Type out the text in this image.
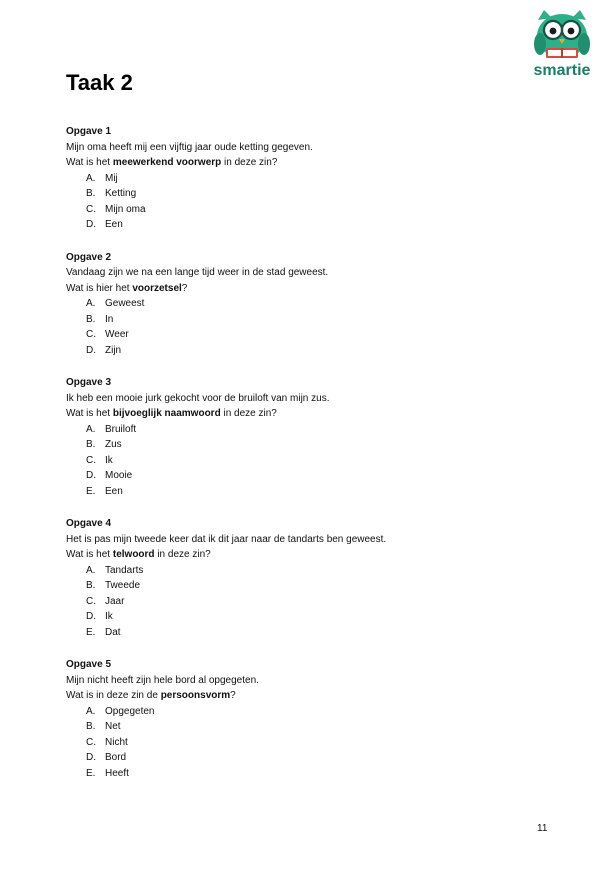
smartie
Taak 2
Opgave 1
Mijn oma heeft mij een vijftig jaar oude ketting gegeven.
Wat is het meewerkend voorwerp in deze zin?
A. Mij
B. Ketting
C. Mijn oma
D. Een
Opgave 2
Vandaag zijn we na een lange tijd weer in de stad geweest.
Wat is hier het voorzetsel?
A. Geweest
B. In
C. Weer
D. Zijn
Opgave 3
Ik heb een mooie jurk gekocht voor de bruiloft van mijn zus.
Wat is het bijvoeglijk naamwoord in deze zin?
A. Bruiloft
B. Zus
C. Ik
D. Mooie
E. Een
Opgave 4
Het is pas mijn tweede keer dat ik dit jaar naar de tandarts ben geweest.
Wat is het telwoord in deze zin?
A. Tandarts
B. Tweede
C. Jaar
D. Ik
E. Dat
Opgave 5
Mijn nicht heeft zijn hele bord al opgegeten.
Wat is in deze zin de persoonsvorm?
A. Opgegeten
B. Net
C. Nicht
D. Bord
E. Heeft
11
